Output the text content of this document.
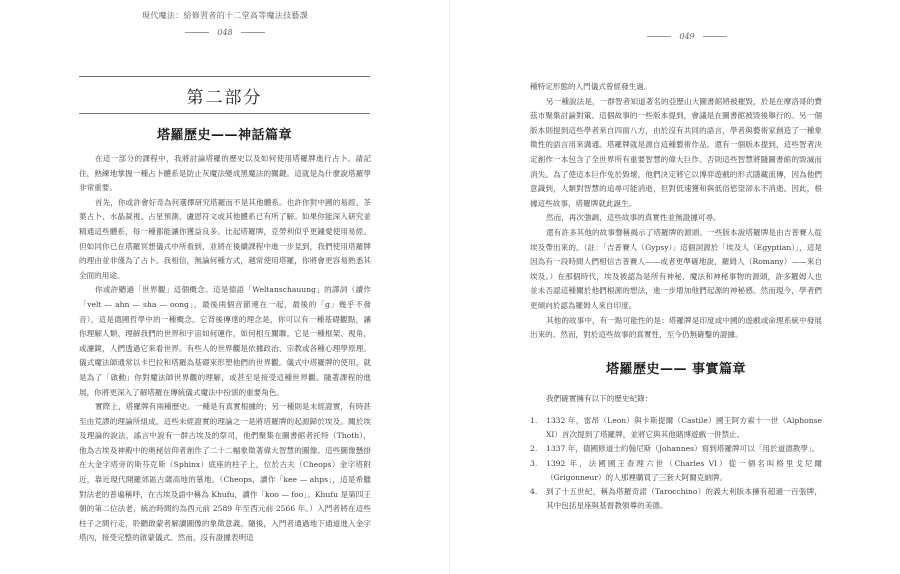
現代魔法：給修習者的十二堂高等魔法技藝課
048
第二部分
塔羅歷史——神話篇章

在這一部分的課程中，我將討論塔羅的歷史以及如何使用塔羅牌進行占卜。請記住，熟練地掌握一種占卜體系是防止灰魔法變成黑魔法的關鍵。這就是為什麼說塔羅學非常重要。

首先，你或許會好奇為何選擇研究塔羅而不是其他體系。也許你對中國的易經、茶葉占卜、水晶凝視、占星預測、盧恩符文或其他體系已有所了解。如果你能深入研究並精通這些體系，每一種都能讓你獲益良多。比起塔羅牌，克勞利似乎更鍾愛使用易經。但如同你已在塔羅冥想儀式中所看到，並將在後續課程中進一步見到，我們使用塔羅牌的理由並非僅為了占卜。我相信，無論何種方式，越常使用塔羅，你將會更容易熟悉其全面的用途。

你或許聽過「世界觀」這個概念。這是德語「Weltanschauung」的譯詞（讀作「velt — ahn — sha — oong」，最後兩個音節連在一起，最後的「g」幾乎不發音），這是德國哲學中的一種概念。它背後傳達的理念是，你可以有一種基礎觀點，讓你理解人類、理解我們的世界和宇宙如何運作，如何相互關聯。它是一種框架、視角，或濾鏡，人們透過它來看世界。有些人的世界觀是依據政治、宗教或各種心理學原理。儀式魔法師通常以卡巴拉和塔羅為基礎來形塑他們的世界觀。儀式中塔羅牌的使用，就是為了「啟動」你對魔法師世界觀的理解，或甚至是接受這種世界觀。隨著課程的進展，你將更深入了解塔羅在傳統儀式魔法中扮演的重要角色。

實際上，塔羅牌有兩種歷史。一種是有真實根據的；另一種則是未經證實，有時甚至由荒謬的理論所組成。這些未經證實的理論之一是將塔羅牌的起源歸於埃及。關於埃及理論的說法，謠言中說有一群古埃及的祭司，他們聚集在圖書館者托特（Thoth），他為古埃及神殿中的奧秘信仰者創作了二十二幅象徵著偉大智慧的圖像。這些圖像懸掛在大金字塔旁的斯芬克斯（Sphinx）底座的柱子上，位於古夫（Cheops）金字塔附近，靠近現代開羅郊區古薩高地的墓地。（Cheops，讀作「kee — ahps」，這是希臘對法老的普遍稱呼，在古埃及語中稱為 Khufu，讀作「koo — foo」。Khufu 是第四王朝的第二位法老，統治時間約為西元前 2589 年至西元前 2566 年。）入門者將在這些柱子之間行走，聆聽啟蒙者解讀圖像的象徵意義。隨後，入門者通過地下通道進入金字塔內，接受完整的啟蒙儀式。然而，沒有證據表明這

049

種特定形態的入門儀式曾經發生過。

另一種說法是，一群智者知道著名的亞歷山大圖書館將被摧毀，於是在摩洛哥的費茲市聚集討論對策。這個故事的一些版本提到，會議是在圖書館被毀後舉行的。另一個版本則提到這些學者來自四面八方，由於沒有共同的語言，學者與藝術家創造了一種象徵性的語言用來溝通。塔羅牌就是源自這種藝術作品。還有一個版本提到，這些智者決定創作一本包含了全世界所有重要智慧的偉大巨作。否則這些智慧將隨圖書館的毀滅而消失。為了使這本巨作免於毀壞，他們決定將它以博弈遊戲的形式隱藏流傳，因為他們意識到，人類對智慧的追尋可能消逝，但對低速獲和與低俗慾望卻永不消逝。因此，根據這些故事，塔羅牌就此誕生。

然而，再次強調，這些故事的真實性並無證據可尋。

還有許多其他的故事聲稱揭示了塔羅牌的源頭。一些版本說塔羅牌是由吉普賽人從埃及帶出來的。（註：「吉普賽人（Gypsy）」這個詞源於「埃及人（Egyptian）」，這是因為有一段時間人們相信吉普賽人——或者更準確地說，羅姆人（Romany）——來自埃及。）在那個時代，埃及被認為是所有神秘、魔法和神秘事物的源頭，許多羅姆人也並未否認這種關於他們根源的想法，進一步增加他們起源的神秘感。然而現今，學者們更傾向於認為羅姆人來自印度。

其他的故事中，有一點可能性的是：塔羅牌是印度或中國的遊戲或命理系統中發展出來的。然而，對於這些故事的真實性，至今仍無確鑿的證據。

塔羅歷史—— 事實篇章
我們確實擁有以下的歷史紀錄：
1.	1332 年，雷昂（Leon）與卡斯提爾（Castile）國王阿方索十一世（Alphonse XI）首次提到了塔羅牌，並將它與其他賭博遊戲一併禁止。
2.	1337 年，德國修道士約翰尼斯（Johannes）寫到塔羅牌可以「用於道德教學」。
3.	1392 年，法國國王查理六世（Charles VI）從一個名叫格里戈尼爾（Grigonneur）的人那裡購買了三套大阿爾克納牌。
4.	到了十五世紀，稱為塔羅奇諾（Tarocchino）的義大利版本擁有超過一百張牌，其中包括星座與基督教領導的美德。
